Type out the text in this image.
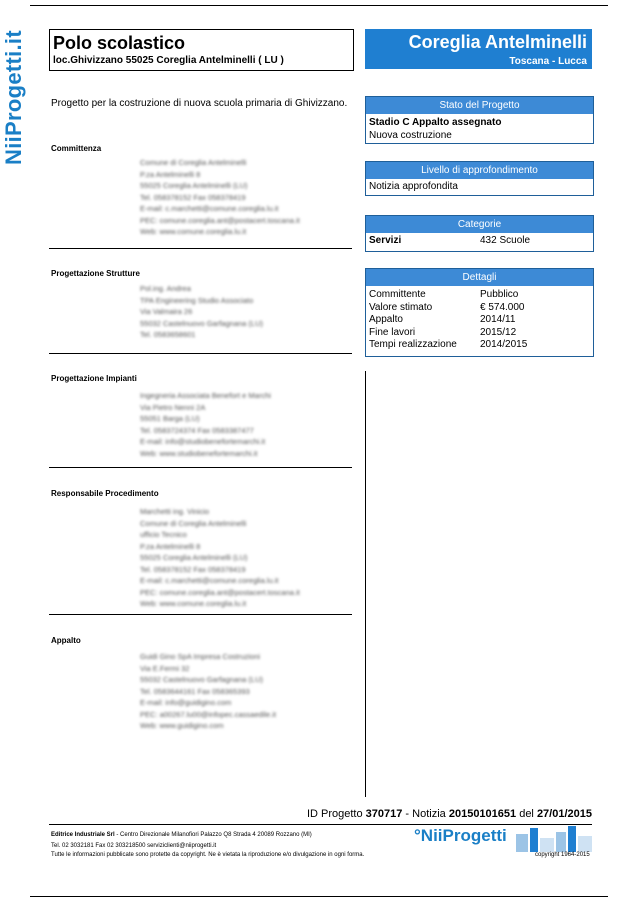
NiiProgetti.it Polo scolastico
loc.Ghivizzano 55025 Coreglia Antelminelli ( LU )
Coreglia Antelminelli
Toscana - Lucca
Progetto per la costruzione di nuova scuola primaria di Ghivizzano.
Committenza
Comune di Coreglia Antelminelli
P.za Antelminelli 8
55025 Coreglia Antelminelli (LU)
Tel. 058378152 Fax 058378419
E-mail: c.marchetti@comune.coreglia.lu.it
PEC: comune.coreglia.ant@postacert.toscana.it
Web: www.comune.coreglia.lu.it
Progettazione Strutture
Pol.ing. Andrea
TPA Engineering Studio Associato
Via Valmaira 26
55032 Castelnuovo Garfagnana (LU)
Tel. 0583658601
Progettazione Impianti
Ingegneria Associata Benefort e Marchi
Via Pietro Nenni 2A
55051 Barga (LU)
Tel. 0583724374 Fax 0583387477
E-mail: info@studiobenefortemarchi.it
Web: www.studiobenefortemarchi.it
Responsabile Procedimento
Marchetti ing. Vinicio
Comune di Coreglia Antelminelli
ufficio Tecnico
P.za Antelminelli 8
55025 Coreglia Antelminelli (LU)
Tel. 058378152 Fax 058378419
E-mail: c.marchetti@comune.coreglia.lu.it
PEC: comune.coreglia.ant@postacert.toscana.it
Web: www.comune.coreglia.lu.it
Appalto
Guidi Gino SpA Impresa Costruzioni
Via E.Fermi 32
55032 Castelnuovo Garfagnana (LU)
Tel. 0583644161 Fax 058365393
E-mail: info@guidigino.com
PEC: a00267.lu00@infopec.cassaedile.it
Web: www.guidigino.com
Stato del Progetto
Stadio C Appalto assegnato
Nuova costruzione
Livello di approfondimento
Notizia approfondita
Categorie
Servizi	432 Scuole
Dettagli
Committente	Pubblico
Valore stimato	€ 574.000
Appalto	2014/11
Fine lavori	2015/12
Tempi realizzazione 2014/2015
ID Progetto 370717 - Notizia 20150101651 del 27/01/2015
Editrice Industriale Srl - Centro Direzionale Milanofiori Palazzo Q8 Strada 4 20089 Rozzano (MI)
Tel. 02 3032181 Fax 02 303218500 serviziclienti@niiprogetti.it
Tutte le informazioni pubblicate sono protette da copyright. Ne è vietata la riproduzione e/o divulgazione in ogni forma.
°NiiProgetti
copyright 1964-2015
